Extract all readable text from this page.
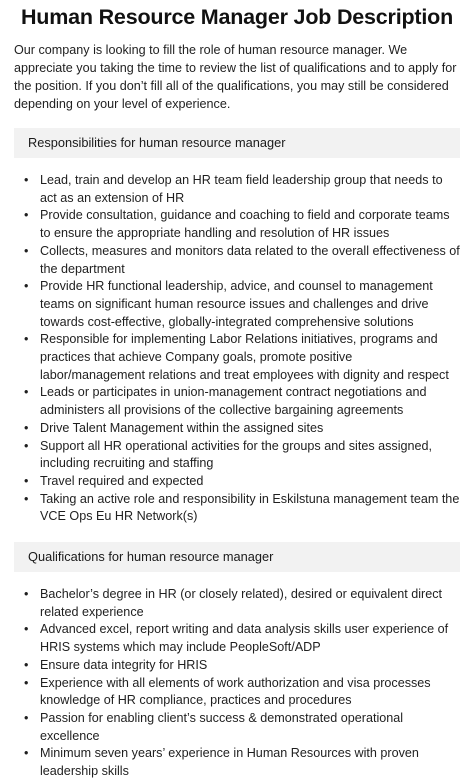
Human Resource Manager Job Description

Our company is looking to fill the role of human resource manager. We appreciate you taking the time to review the list of qualifications and to apply for the position. If you don’t fill all of the qualifications, you may still be considered depending on your level of experience.

Responsibilities for human resource manager
• Lead, train and develop an HR team field leadership group that needs to act as an extension of HR
• Provide consultation, guidance and coaching to field and corporate teams to ensure the appropriate handling and resolution of HR issues
• Collects, measures and monitors data related to the overall effectiveness of the department
• Provide HR functional leadership, advice, and counsel to management teams on significant human resource issues and challenges and drive towards cost-effective, globally-integrated comprehensive solutions
• Responsible for implementing Labor Relations initiatives, programs and practices that achieve Company goals, promote positive labor/management relations and treat employees with dignity and respect
• Leads or participates in union-management contract negotiations and administers all provisions of the collective bargaining agreements
• Drive Talent Management within the assigned sites
• Support all HR operational activities for the groups and sites assigned, including recruiting and staffing
• Travel required and expected
• Taking an active role and responsibility in Eskilstuna management team the VCE Ops Eu HR Network(s)
Qualifications for human resource manager
• Bachelor’s degree in HR (or closely related), desired or equivalent direct related experience
• Advanced excel, report writing and data analysis skills user experience of HRIS systems which may include PeopleSoft/ADP
• Ensure data integrity for HRIS
• Experience with all elements of work authorization and visa processes knowledge of HR compliance, practices and procedures
• Passion for enabling client’s success & demonstrated operational excellence
• Minimum seven years’ experience in Human Resources with proven leadership skills
